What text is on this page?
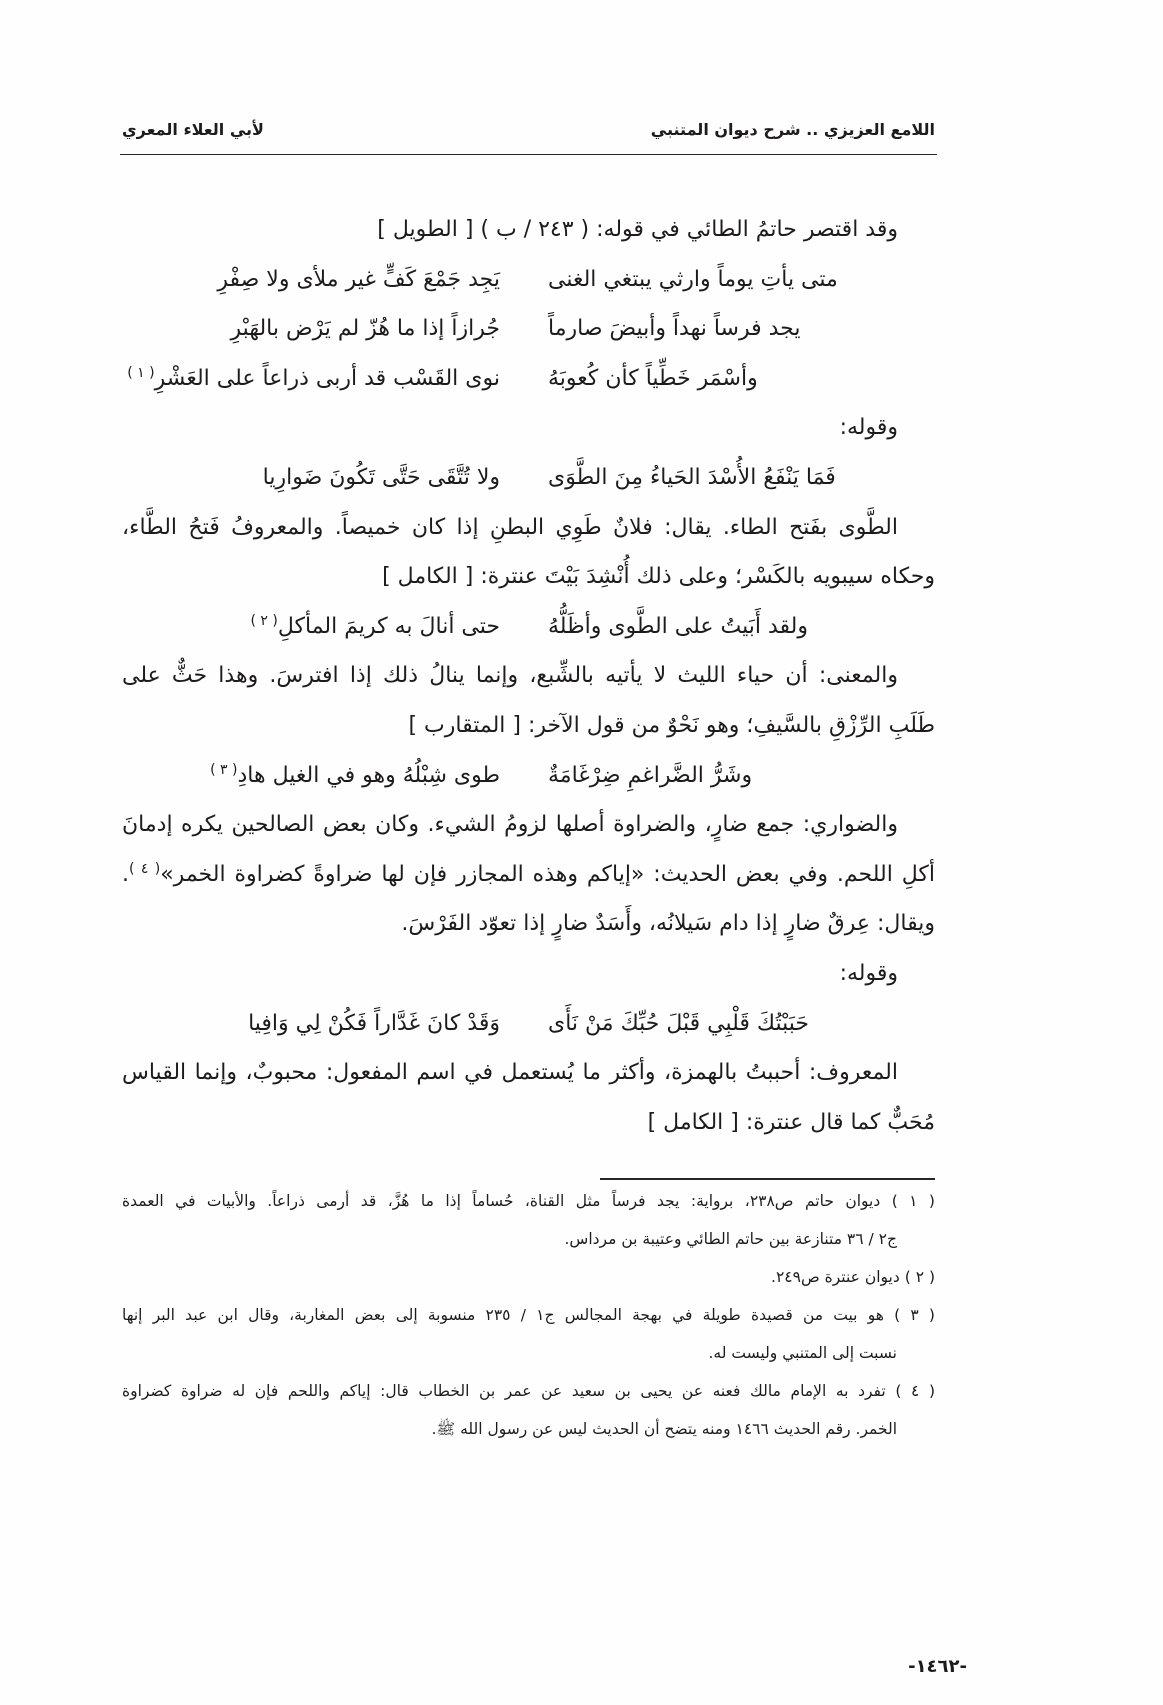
اللامع العزيزي .. شرح ديوان المتنبي
لأبي العلاء المعري
وقد اقتصر حاتمُ الطائي في قوله: ( ٢٤٣ / ب ) [ الطويل ]
متى يأتِ يوماً وارثي يبتغي الغنى
يَجِد جَمْعَ كَفٍّ غير ملأى ولا صِفْرِ
يجد فرساً نهداً وأبيضَ صارماً
جُرازاً إذا ما هُزّ لم يَرْض بالهَبْرِ
وأسْمَر خَطِّياً كأن كُعوبَهُ
نوى القَسْب قد أربى ذراعاً على العَشْرِ$^{( ١ )}$
وقوله:
فَمَا يَنْفَعُ الأُسْدَ الحَياءُ مِنَ الطَّوَى
ولا تُتَّقَى حَتَّى تَكُونَ ضَوارِيا
الطَّوى بفَتح الطاء. يقال: فلانٌ طَوِي البطنِ إذا كان خميصاً. والمعروفُ فَتحُ الطَّاء،
وحكاه سيبويه بالكَسْر؛ وعلى ذلك أُنْشِدَ بَيْتَ عنترة: [ الكامل ]
ولقد أَبَيتُ على الطَّوى وأظَلُّهُ
حتى أنالَ به كريمَ المأكلِ$^{( ٢ )}$
والمعنى: أن حياء الليث لا يأتيه بالشِّبع، وإنما ينالُ ذلك إذا افترسَ. وهذا حَثٌّ على
طَلَبِ الرِّزْقِ بالسَّيفِ؛ وهو نَحْوٌ من قول الآخر: [ المتقارب ]
وشَرُّ الضَّراغمِ ضِرْغَامَةٌ
طوى شِبْلُهُ وهو في الغيل هادِ$^{( ٣ )}$
والضواري: جمع ضارٍ، والضراوة أصلها لزومُ الشيء. وكان بعض الصالحين يكره إدمانَ
أكلِ اللحم. وفي بعض الحديث: «إياكم وهذه المجازر فإن لها ضراوةً كضراوة الخمر»$^{( ٤ )}$.
ويقال: عِرقٌ ضارٍ إذا دام سَيلانُه، وأَسَدٌ ضارٍ إذا تعوّد الفَرْسَ.
وقوله:
حَبَبْتُكَ قَلْبِي قَبْلَ حُبِّكَ مَنْ نَأَى
وَقَدْ كانَ غَدَّاراً فَكُنْ لِي وَافِيا
المعروف: أحببتُ بالهمزة، وأكثر ما يُستعمل في اسم المفعول: محبوبٌ، وإنما القياس
مُحَبٌّ كما قال عنترة: [ الكامل ]
( ١ ) ديوان حاتم ص٢٣٨، برواية: يجد فرساً مثل القناة، حُساماً إذا ما هُزَّ، قد أرمى ذراعاً. والأبيات في العمدة
ج٢ / ٣٦ متنازعة بين حاتم الطائي وعتيبة بن مرداس.
( ٢ ) ديوان عنترة ص٢٤٩.
( ٣ ) هو بيت من قصيدة طويلة في بهجة المجالس ج١ / ٢٣٥ منسوبة إلى بعض المغاربة، وقال ابن عبد البر إنها
نسبت إلى المتنبي وليست له.
( ٤ ) تفرد به الإمام مالك فعنه عن يحيى بن سعيد عن عمر بن الخطاب قال: إياكم واللحم فإن له ضراوة كضراوة
الخمر. رقم الحديث ١٤٦٦ ومنه يتضح أن الحديث ليس عن رسول الله ﷺ.
-١٤٦٢-
